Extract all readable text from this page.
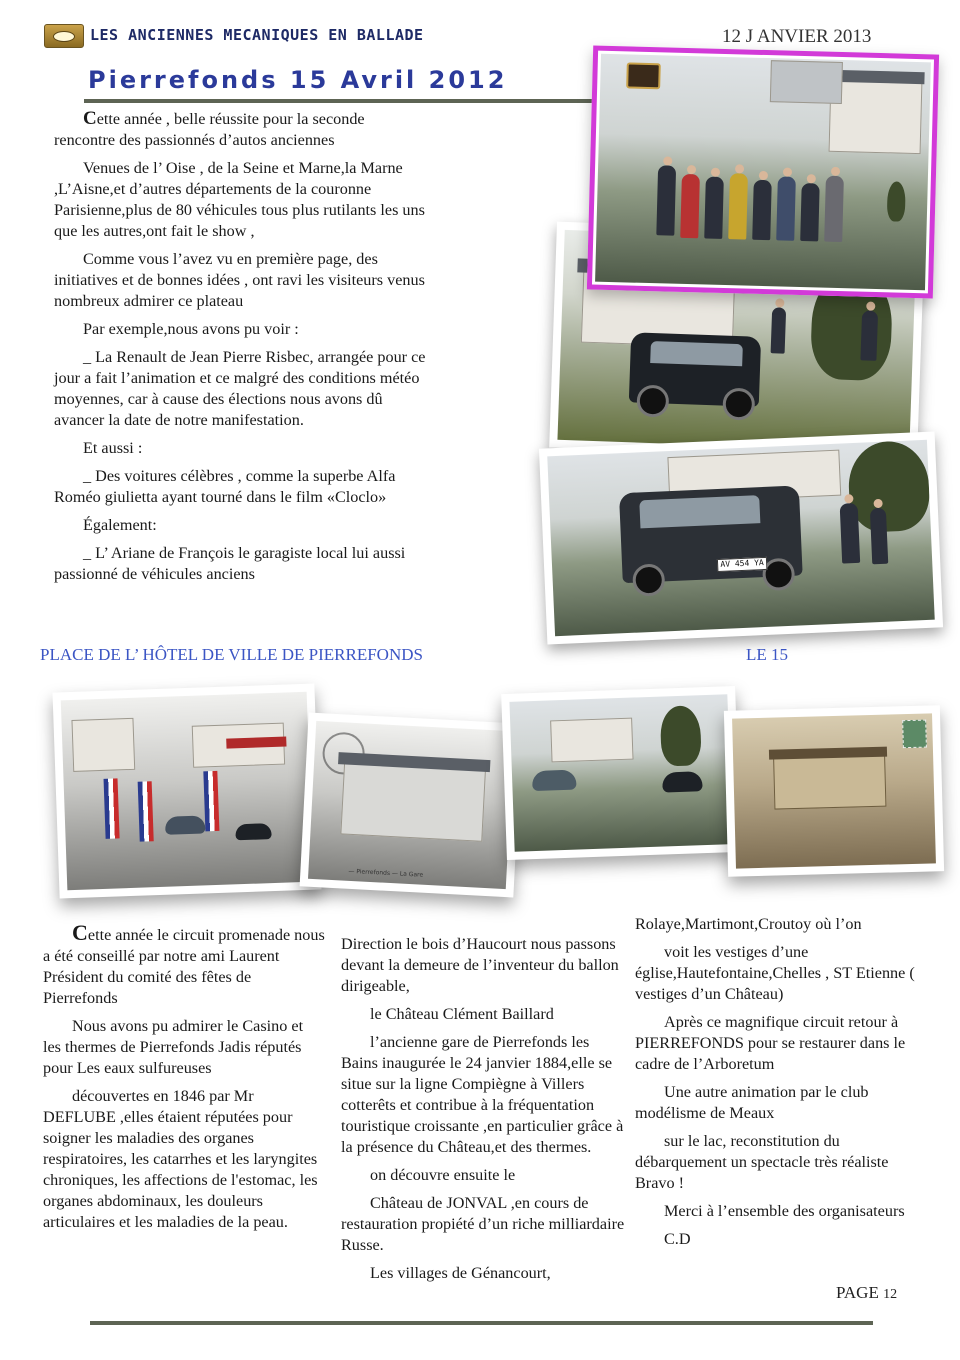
LES ANCIENNES MECANIQUES EN BALLADE	12 J ANVIER 2013
Pierrefonds 15 Avril 2012

Cette année , belle réussite pour la seconde rencontre des passionnés d’autos anciennes

Venues de l’ Oise , de la Seine et Marne,la Marne ,L’Aisne,et d’autres départements de la couronne Parisienne,plus de 80 véhicules tous plus rutilants les uns que les autres,ont fait le show ,

Comme vous l’avez vu en première page, des initiatives et de bonnes idées , ont ravi les visiteurs venus nombreux admirer ce plateau

Par exemple,nous avons pu voir :

_ La Renault de Jean Pierre Risbec, arrangée pour ce jour a fait l’animation et ce malgré des conditions météo moyennes, car à cause des élections nous avons dû avancer la date de notre manifestation.

Et aussi :

_ Des voitures célèbres , comme la superbe Alfa Roméo giulietta ayant tourné dans le film «Cloclo»

Également:

_ L’ Ariane de François le garagiste local lui aussi passionné de véhicules anciens

AV 454 YA
PLACE DE L’ HÔTEL DE VILLE DE PIERREFONDS	LE 15
— Pierrefonds — La Gare

Cette année le circuit promenade nous a été conseillé par notre ami Laurent Président du comité des fêtes de Pierrefonds

Nous avons pu admirer le Casino et les thermes de Pierrefonds Jadis réputés pour Les eaux sulfureuses

découvertes en 1846 par Mr DEFLUBE ,elles étaient réputées pour soigner les maladies des organes respiratoires, les catarrhes et les laryngites chroniques, les affections de l'estomac, les organes abdominaux, les douleurs articulaires et les maladies de la peau.

Direction le bois d’Haucourt nous passons devant la demeure de l’inventeur du ballon dirigeable,

le Château Clément Baillard

l’ancienne gare de Pierrefonds les Bains inaugurée le 24 janvier 1884,elle se situe sur la ligne Compiègne à Villers cotterêts et contribue à la fréquentation touristique croissante ,en particulier grâce à la présence du Château,et des thermes.

on découvre ensuite le

Château de JONVAL ,en cours de restauration propiété d’un riche milliardaire Russe.

Les villages de Génancourt,

Rolaye,Martimont,Croutoy où l’on

voit les vestiges d’une église,Hautefontaine,Chelles , ST Etienne ( vestiges d’un Château)

Après ce magnifique circuit retour à PIERREFONDS pour se restaurer dans le cadre de l’Arboretum

Une autre animation par le club modélisme de Meaux

sur le lac, reconstitution du débarquement un spectacle très réaliste Bravo !

Merci à l’ensemble des organisateurs

C.D

PAGE 12
